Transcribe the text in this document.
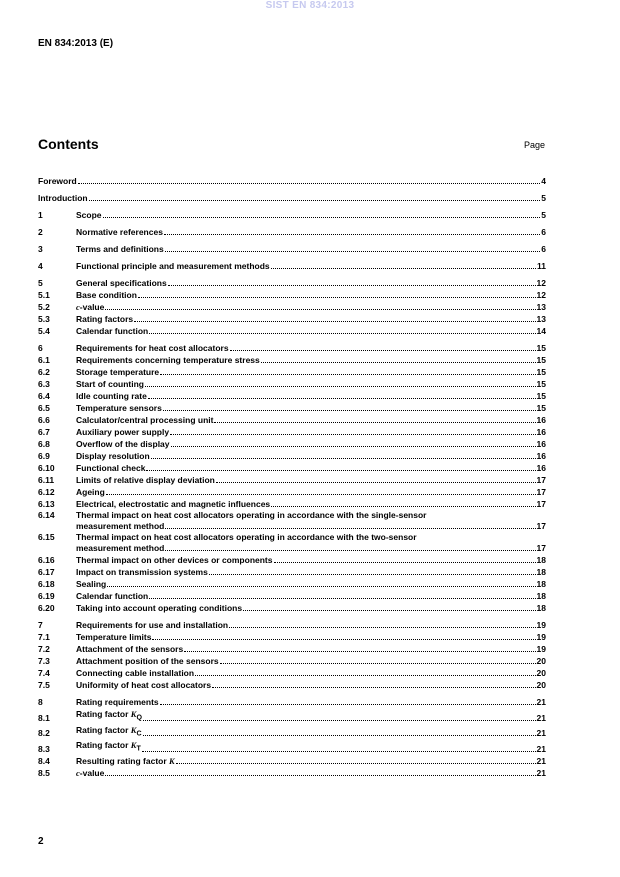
SIST EN 834:2013
EN 834:2013 (E)
Contents	Page
Foreword	4
Introduction	5
1	Scope	5
2	Normative references	6
3	Terms and definitions	6
4	Functional principle and measurement methods	11
5	General specifications	12
5.1	Base condition	12
5.2	c-value	13
5.3	Rating factors	13
5.4	Calendar function	14
6	Requirements for heat cost allocators	15
6.1	Requirements concerning temperature stress	15
6.2	Storage temperature	15
6.3	Start of counting	15
6.4	Idle counting rate	15
6.5	Temperature sensors	15
6.6	Calculator/central processing unit	16
6.7	Auxiliary power supply	16
6.8	Overflow of the display	16
6.9	Display resolution	16
6.10	Functional check	16
6.11	Limits of relative display deviation	17
6.12	Ageing	17
6.13	Electrical, electrostatic and magnetic influences	17
6.14	Thermal impact on heat cost allocators operating in accordance with the single-sensor
measurement method	17
6.15	Thermal impact on heat cost allocators operating in accordance with the two-sensor
measurement method	17
6.16	Thermal impact on other devices or components	18
6.17	Impact on transmission systems	18
6.18	Sealing	18
6.19	Calendar function	18
6.20	Taking into account operating conditions	18
7	Requirements for use and installation	19
7.1	Temperature limits	19
7.2	Attachment of the sensors	19
7.3	Attachment position of the sensors	20
7.4	Connecting cable installation	20
7.5	Uniformity of heat cost allocators	20
8	Rating requirements	21
8.1	Rating factor $K_Q$	21
8.2	Rating factor $K_C$	21
8.3	Rating factor $K_T$	21
8.4	Resulting rating factor K	21
8.5	c-value	21
2
